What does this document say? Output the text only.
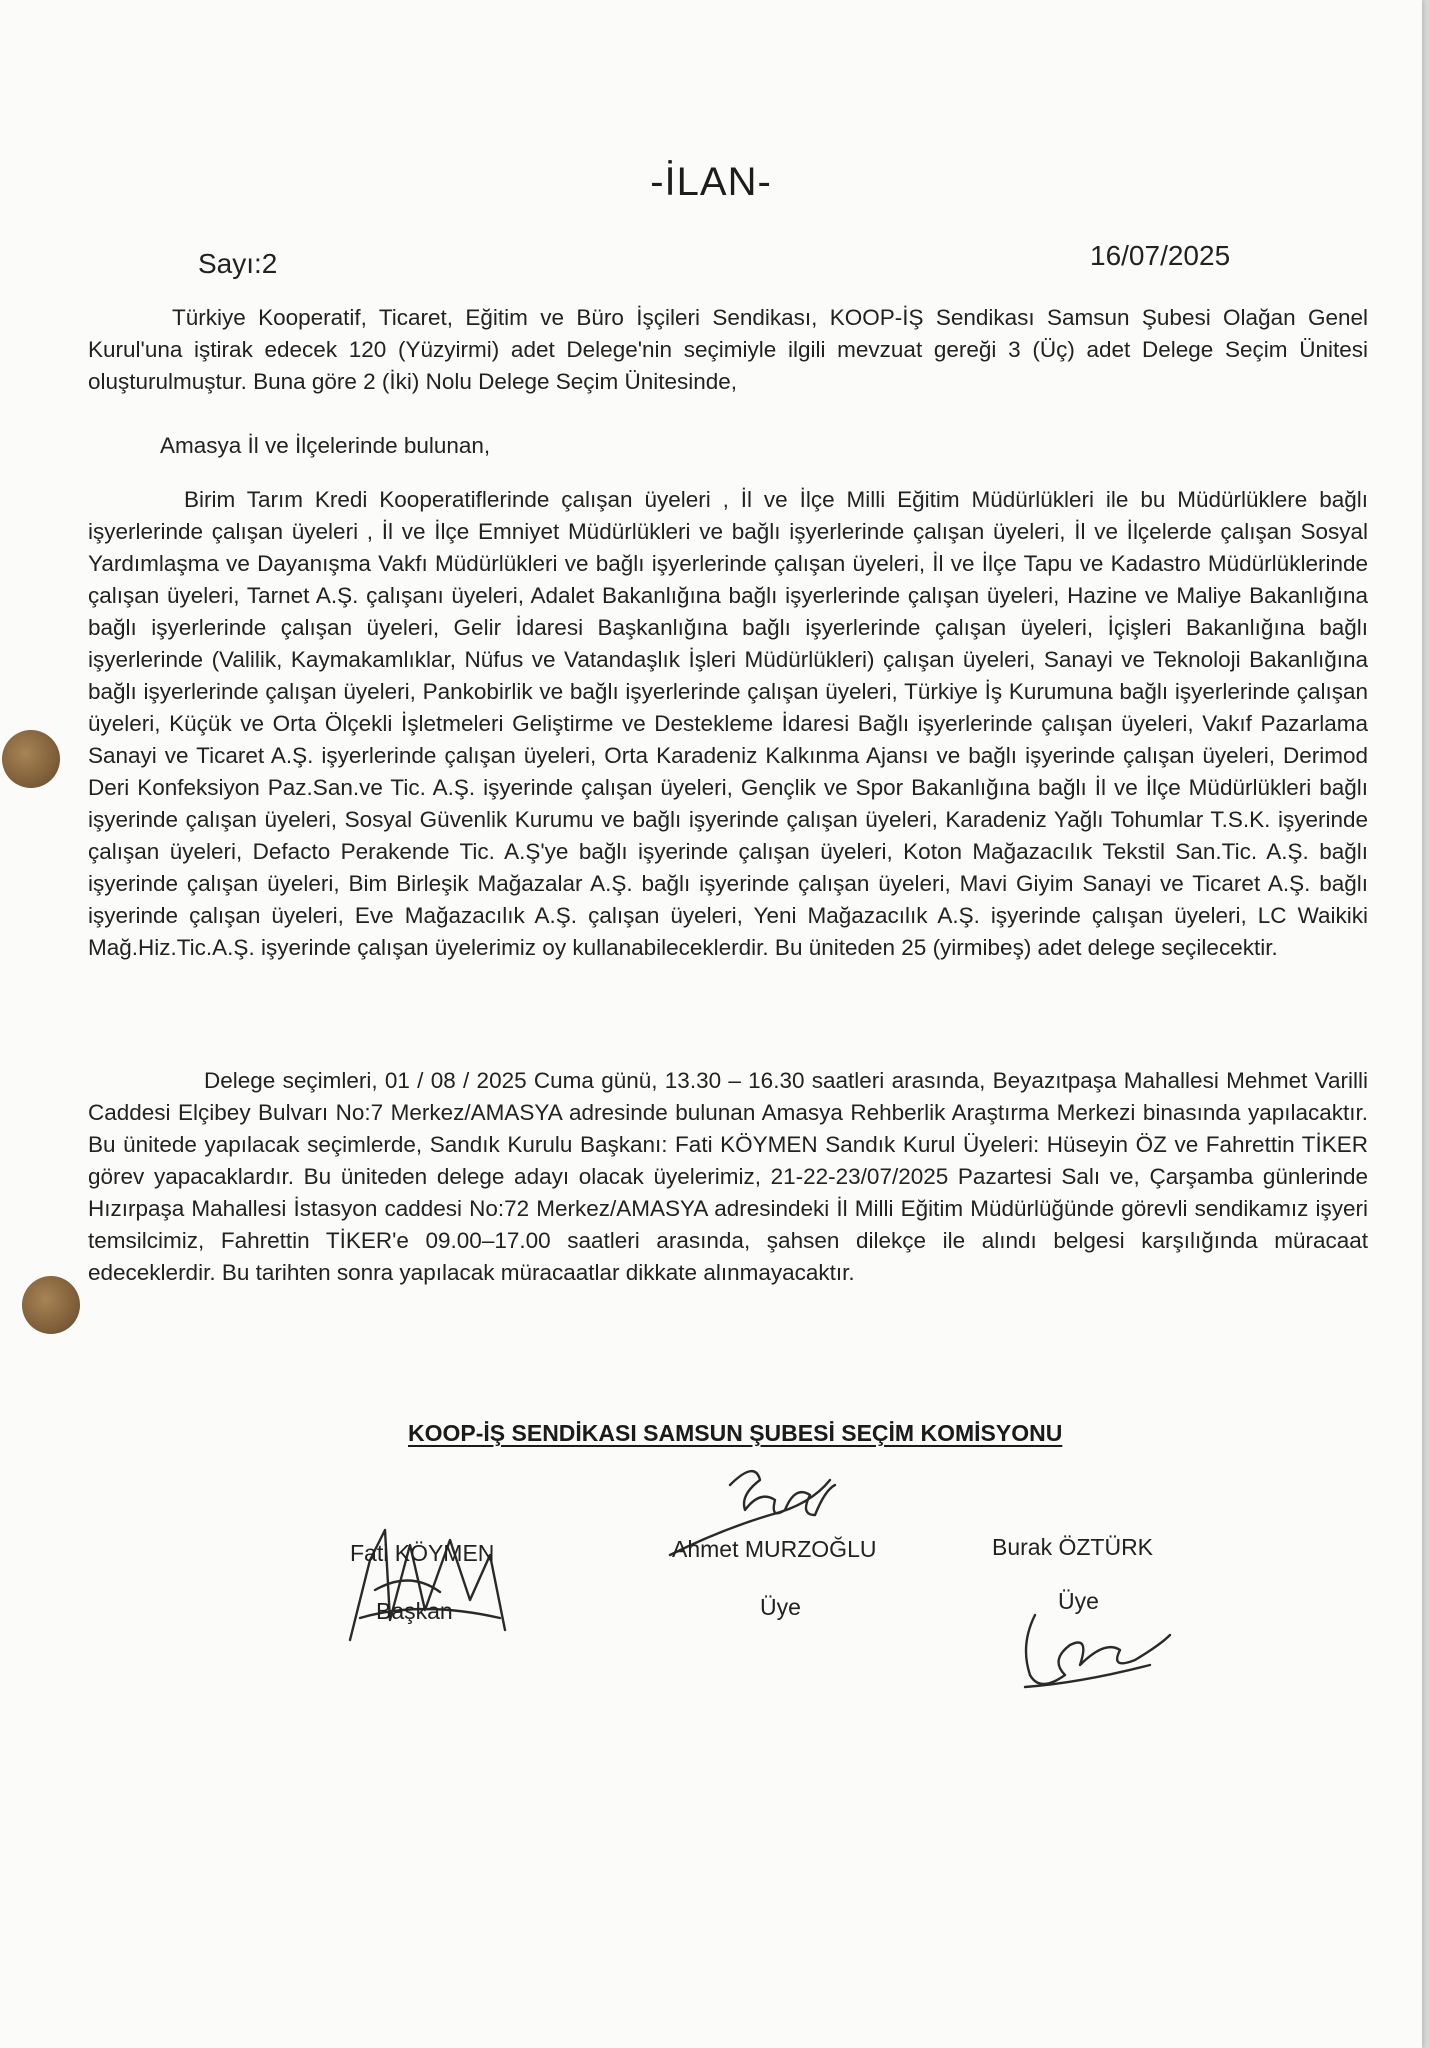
-İLAN-
Sayı:2	16/07/2025
Türkiye Kooperatif, Ticaret, Eğitim ve Büro İşçileri Sendikası, KOOP-İŞ Sendikası Samsun Şubesi Olağan Genel Kurul'una iştirak edecek 120 (Yüzyirmi) adet Delege'nin seçimiyle ilgili mevzuat gereği 3 (Üç) adet Delege Seçim Ünitesi oluşturulmuştur. Buna göre 2 (İki) Nolu Delege Seçim Ünitesinde,
Amasya İl ve İlçelerinde bulunan,
Birim Tarım Kredi Kooperatiflerinde çalışan üyeleri , İl ve İlçe Milli Eğitim Müdürlükleri ile bu Müdürlüklere bağlı işyerlerinde çalışan üyeleri , İl ve İlçe Emniyet Müdürlükleri ve bağlı işyerlerinde çalışan üyeleri, İl ve İlçelerde çalışan Sosyal Yardımlaşma ve Dayanışma Vakfı Müdürlükleri ve bağlı işyerlerinde çalışan üyeleri, İl ve İlçe Tapu ve Kadastro Müdürlüklerinde çalışan üyeleri, Tarnet A.Ş. çalışanı üyeleri, Adalet Bakanlığına bağlı işyerlerinde çalışan üyeleri, Hazine ve Maliye Bakanlığına bağlı işyerlerinde çalışan üyeleri, Gelir İdaresi Başkanlığına bağlı işyerlerinde çalışan üyeleri, İçişleri Bakanlığına bağlı işyerlerinde (Valilik, Kaymakamlıklar, Nüfus ve Vatandaşlık İşleri Müdürlükleri) çalışan üyeleri, Sanayi ve Teknoloji Bakanlığına bağlı işyerlerinde çalışan üyeleri, Pankobirlik ve bağlı işyerlerinde çalışan üyeleri, Türkiye İş Kurumuna bağlı işyerlerinde çalışan üyeleri, Küçük ve Orta Ölçekli İşletmeleri Geliştirme ve Destekleme İdaresi Bağlı işyerlerinde çalışan üyeleri, Vakıf Pazarlama Sanayi ve Ticaret A.Ş. işyerlerinde çalışan üyeleri, Orta Karadeniz Kalkınma Ajansı ve bağlı işyerinde çalışan üyeleri, Derimod Deri Konfeksiyon Paz.San.ve Tic. A.Ş. işyerinde çalışan üyeleri, Gençlik ve Spor Bakanlığına bağlı İl ve İlçe Müdürlükleri bağlı işyerinde çalışan üyeleri, Sosyal Güvenlik Kurumu ve bağlı işyerinde çalışan üyeleri, Karadeniz Yağlı Tohumlar T.S.K. işyerinde çalışan üyeleri, Defacto Perakende Tic. A.Ş'ye bağlı işyerinde çalışan üyeleri, Koton Mağazacılık Tekstil San.Tic. A.Ş. bağlı işyerinde çalışan üyeleri, Bim Birleşik Mağazalar A.Ş. bağlı işyerinde çalışan üyeleri, Mavi Giyim Sanayi ve Ticaret A.Ş. bağlı işyerinde çalışan üyeleri, Eve Mağazacılık A.Ş. çalışan üyeleri, Yeni Mağazacılık A.Ş. işyerinde çalışan üyeleri, LC Waikiki Mağ.Hiz.Tic.A.Ş. işyerinde çalışan üyelerimiz oy kullanabileceklerdir. Bu üniteden 25 (yirmibeş) adet delege seçilecektir.
Delege seçimleri, 01 / 08 / 2025 Cuma günü, 13.30 – 16.30 saatleri arasında, Beyazıtpaşa Mahallesi Mehmet Varilli Caddesi Elçibey Bulvarı No:7 Merkez/AMASYA adresinde bulunan Amasya Rehberlik Araştırma Merkezi binasında yapılacaktır. Bu ünitede yapılacak seçimlerde, Sandık Kurulu Başkanı: Fati KÖYMEN Sandık Kurul Üyeleri: Hüseyin ÖZ ve Fahrettin TİKER görev yapacaklardır. Bu üniteden delege adayı olacak üyelerimiz, 21-22-23/07/2025 Pazartesi Salı ve, Çarşamba günlerinde Hızırpaşa Mahallesi İstasyon caddesi No:72 Merkez/AMASYA adresindeki İl Milli Eğitim Müdürlüğünde görevli sendikamız işyeri temsilcimiz, Fahrettin TİKER'e 09.00–17.00 saatleri arasında, şahsen dilekçe ile alındı belgesi karşılığında müracaat edeceklerdir. Bu tarihten sonra yapılacak müracaatlar dikkate alınmayacaktır.
KOOP-İŞ SENDİKASI SAMSUN ŞUBESİ SEÇİM KOMİSYONU
Fati KÖYMEN
Başkan
Ahmet MURZOĞLU
Üye
Burak ÖZTÜRK
Üye
